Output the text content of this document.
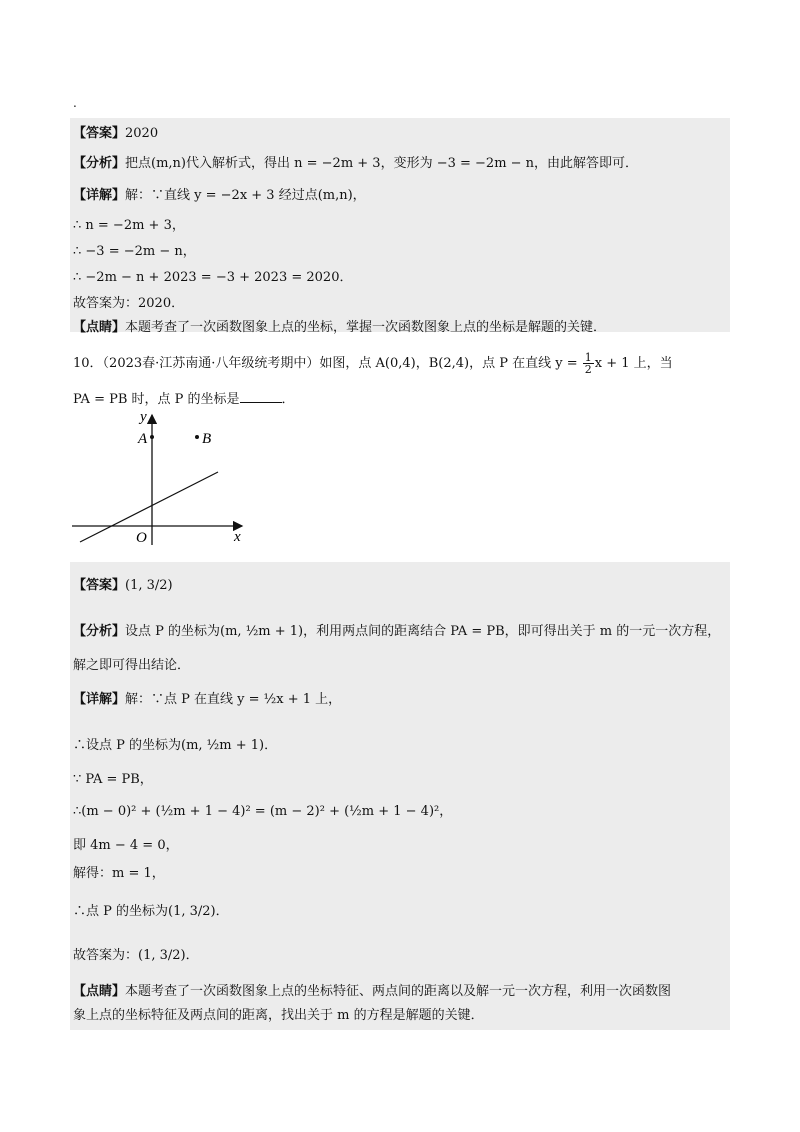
.
【答案】2020
【分析】把点(m,n)代入解析式，得出 n = −2m + 3，变形为 −3 = −2m − n，由此解答即可．
【详解】解：∵直线 y = −2x + 3 经过点(m,n)，
∴ n = −2m + 3，
∴ −3 = −2m − n，
∴ −2m − n + 2023 = −3 + 2023 = 2020．
故答案为：2020．
【点睛】本题考查了一次函数图象上点的坐标，掌握一次函数图象上点的坐标是解题的关键．
10．（2023春·江苏南通·八年级统考期中）如图，点 A(0,4)，B(2,4)，点 P 在直线 $y = \frac{1}{2}$ x + 1 上，当
PA = PB 时，点 P 的坐标是	．
y
x
O
A	B
【答案】(1, 3/2)
【分析】设点 P 的坐标为(m, ½m + 1)，利用两点间的距离结合 PA = PB，即可得出关于 m 的一元一次方程，
解之即可得出结论．
【详解】解：∵点 P 在直线 y = ½x + 1 上，
∴设点 P 的坐标为(m, ½m + 1)．
∵ PA = PB，
∴(m − 0)² + (½m + 1 − 4)² = (m − 2)² + (½m + 1 − 4)²，
即 4m − 4 = 0，
解得：m = 1，
∴点 P 的坐标为(1, 3/2)．
故答案为：(1, 3/2)．
【点睛】本题考查了一次函数图象上点的坐标特征、两点间的距离以及解一元一次方程，利用一次函数图
象上点的坐标特征及两点间的距离，找出关于 m 的方程是解题的关键．
